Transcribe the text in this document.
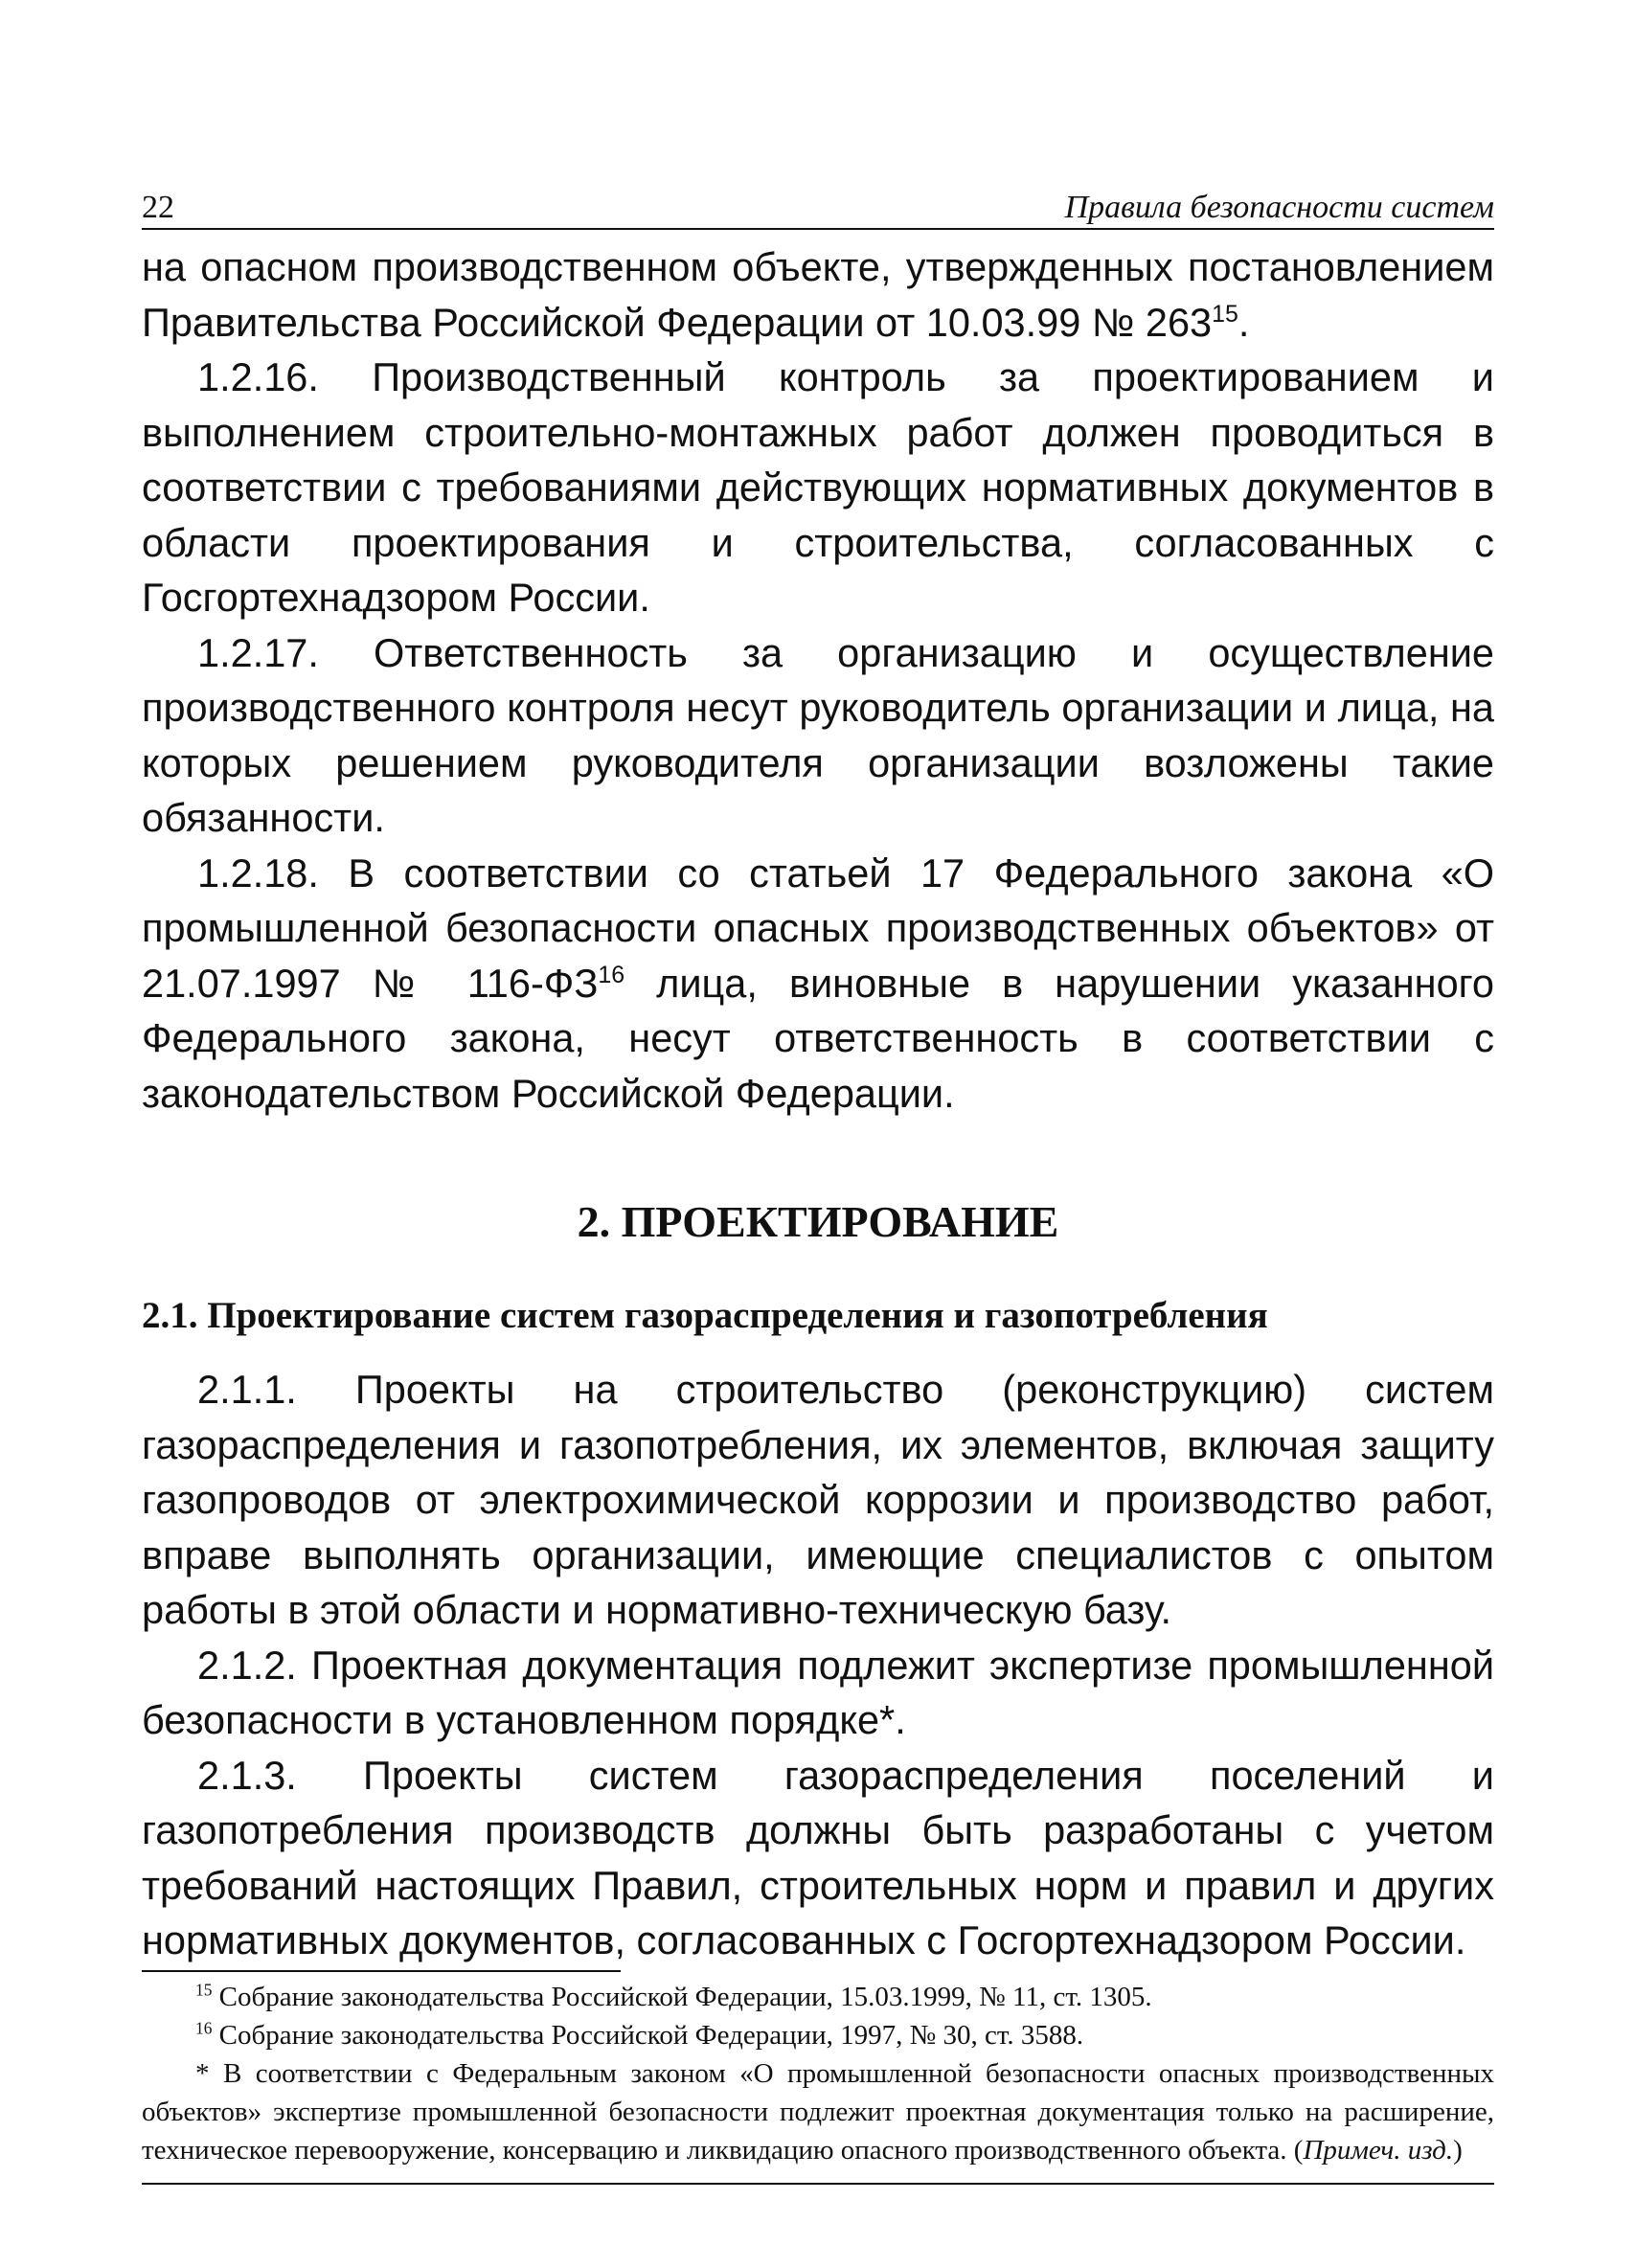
22	Правила безопасности систем

на опасном производственном объекте, утвержденных постановлением Правительства Российской Федерации от 10.03.99 № $263^{15}$.

1.2.16. Производственный контроль за проектированием и выполнением строительно-монтажных работ должен проводиться в соответствии с требованиями действующих нормативных документов в области проектирования и строительства, согласованных с Госгортехнадзором России.

1.2.17. Ответственность за организацию и осуществление производственного контроля несут руководитель организации и лица, на которых решением руководителя организации возложены такие обязанности.

1.2.18. В соответствии со статьей 17 Федерального закона «О промышленной безопасности опасных производственных объектов» от 21.07.1997 № 116-ФЗ$^{16}$ лица, виновные в нарушении указанного Федерального закона, несут ответственность в соответствии с законодательством Российской Федерации.

2. ПРОЕКТИРОВАНИЕ
2.1. Проектирование систем газораспределения и газопотребления

2.1.1. Проекты на строительство (реконструкцию) систем газораспределения и газопотребления, их элементов, включая защиту газопроводов от электрохимической коррозии и производство работ, вправе выполнять организации, имеющие специалистов с опытом работы в этой области и нормативно-техническую базу.

2.1.2. Проектная документация подлежит экспертизе промышленной безопасности в установленном порядке*.

2.1.3. Проекты систем газораспределения поселений и газопотребления производств должны быть разработаны с учетом требований настоящих Правил, строительных норм и правил и других нормативных документов, согласованных с Госгортехнадзором России.

$^{15}$ Собрание законодательства Российской Федерации, 15.03.1999, № 11, ст. 1305.

$^{16}$ Собрание законодательства Российской Федерации, 1997, № 30, ст. 3588.

* В соответствии с Федеральным законом «О промышленной безопасности опасных производственных объектов» экспертизе промышленной безопасности подлежит проектная документация только на расширение, техническое перевооружение, консервацию и ликвидацию опасного производственного объекта. (Примеч. изд.)
